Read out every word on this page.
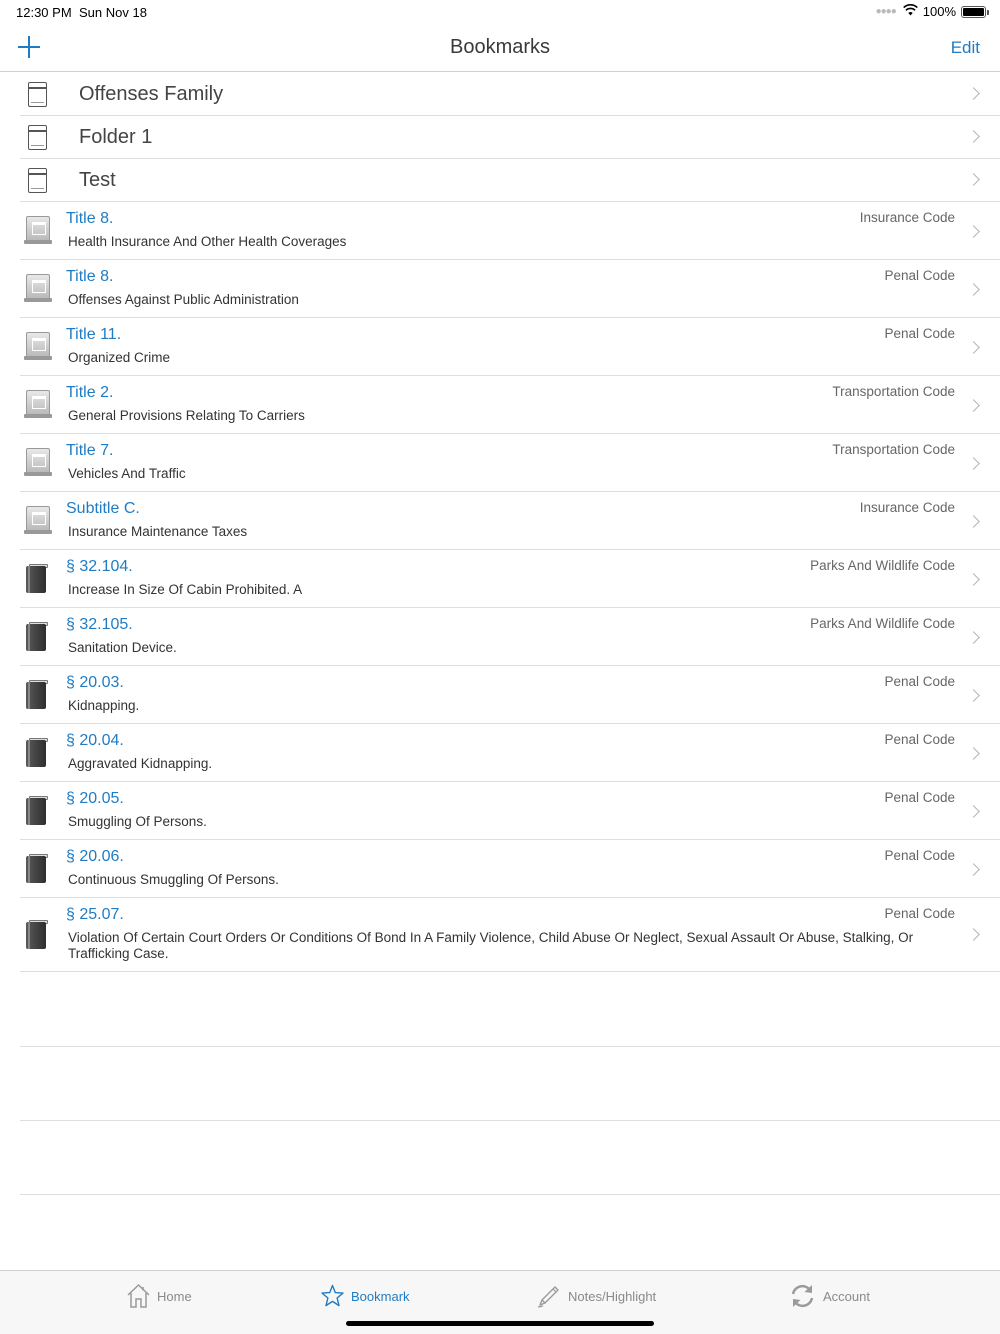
12:30 PM Sun Nov 18	●●●● 100%
Bookmarks	Edit
Offenses Family
Folder 1
Test
Title 8.	Insurance Code
Health Insurance And Other Health Coverages
Title 8.	Penal Code
Offenses Against Public Administration
Title 11.	Penal Code
Organized Crime
Title 2.	Transportation Code
General Provisions Relating To Carriers
Title 7.	Transportation Code
Vehicles And Traffic
Subtitle C.	Insurance Code
Insurance Maintenance Taxes
§ 32.104.	Parks And Wildlife Code
Increase In Size Of Cabin Prohibited. A
§ 32.105.	Parks And Wildlife Code
Sanitation Device.
§ 20.03.	Penal Code
Kidnapping.
§ 20.04.	Penal Code
Aggravated Kidnapping.
§ 20.05.	Penal Code
Smuggling Of Persons.
§ 20.06.	Penal Code
Continuous Smuggling Of Persons.
§ 25.07.	Penal Code
Violation Of Certain Court Orders Or Conditions Of Bond In A Family Violence, Child Abuse Or Neglect, Sexual Assault Or Abuse, Stalking, Or Trafficking Case.
Home	Bookmark	Notes/Highlight	Account
